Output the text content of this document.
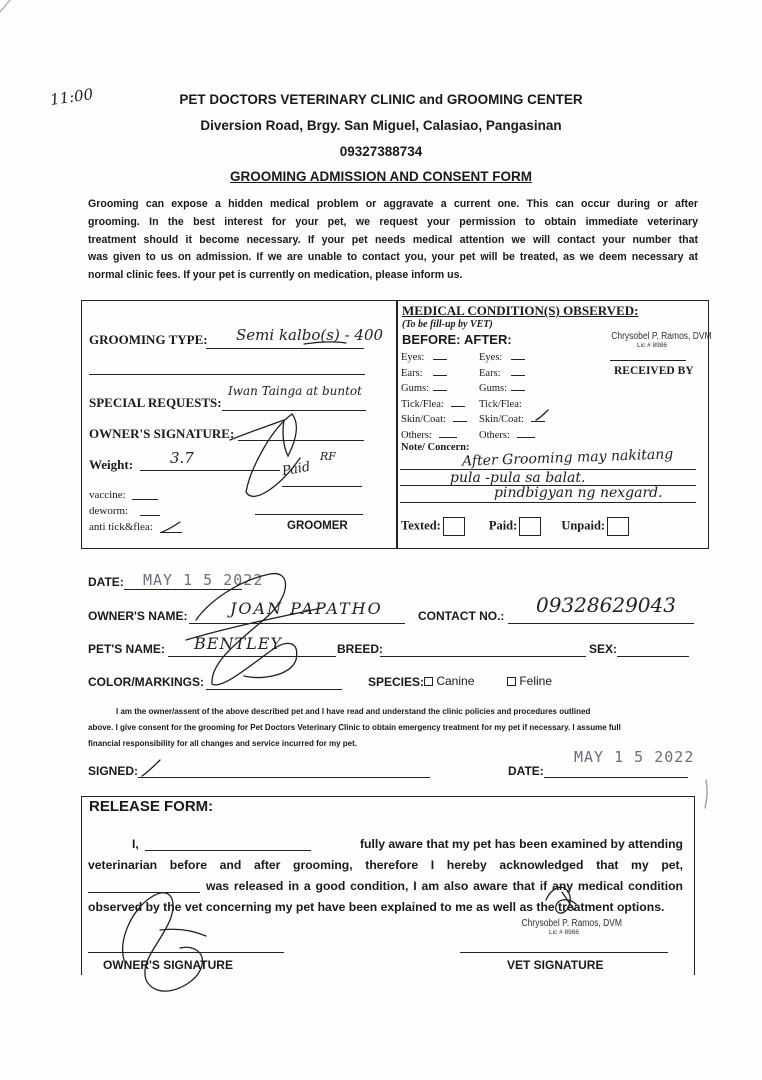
11:00	PET DOCTORS VETERINARY CLINIC and GROOMING CENTER
Diversion Road, Brgy. San Miguel, Calasiao, Pangasinan
09327388734
GROOMING ADMISSION AND CONSENT FORM
Grooming can expose a hidden medical problem or aggravate a current one. This can occur during or after
grooming. In the best interest for your pet, we request your permission to obtain immediate veterinary
treatment should it become necessary. If your pet needs medical attention we will contact your number that
was given to us on admission. If we are unable to contact you, your pet will be treated, as we deem necessary at
normal clinic fees. If your pet is currently on medication, please inform us.
GROOMING TYPE: Semi kalbo(s) - 400
SPECIAL REQUESTS:
Iwan Tainga at buntot
OWNER'S SIGNATURE:
Weight: 3.7
Paid
RF
vaccine:
deworm:
anti tick&flea:	GROOMER
MEDICAL CONDITION(S) OBSERVED:
(To be fill-up by VET)
BEFORE: AFTER:	Chrysobel P. Ramos, DVM
Lic # 8986
RECEIVED BY
Eyes:	Eyes:
Ears:	Ears:
Gums:	Gums:
Tick/Flea:	Tick/Flea:
Skin/Coat:	Skin/Coat:
Others:	Others:
Note/ Concern:
After Grooming may nakitang
pula -pula sa balat.
pindbigyan ng nexgard.
Texted:	Paid:	Unpaid:
DATE: MAY 1 5 2022
OWNER'S NAME:	JOAN PAPATHO	CONTACT NO.: 09328629043
PET'S NAME: BENTLEY	BREED:	SEX:
COLOR/MARKINGS:	SPECIES:	Canine	Feline
I am the owner/assent of the above described pet and I have read and understand the clinic policies and procedures outlined
above. I give consent for the grooming for Pet Doctors Veterinary Clinic to obtain emergency treatment for my pet if necessary. I assume full
financial responsibility for all changes and service incurred for my pet.
SIGNED:	DATE:
MAY 1 5 2022
RELEASE FORM:
I,	fully aware that my pet has been examined by attending
veterinarian before and after grooming, therefore I hereby acknowledged that my pet,
was released in a good condition, I am also aware that if any medical condition
observed by the vet concerning my pet have been explained to me as well as the treatment options.
Chrysobel P. Ramos, DVM
Lic # 8986
OWNER'S SIGNATURE	VET SIGNATURE
